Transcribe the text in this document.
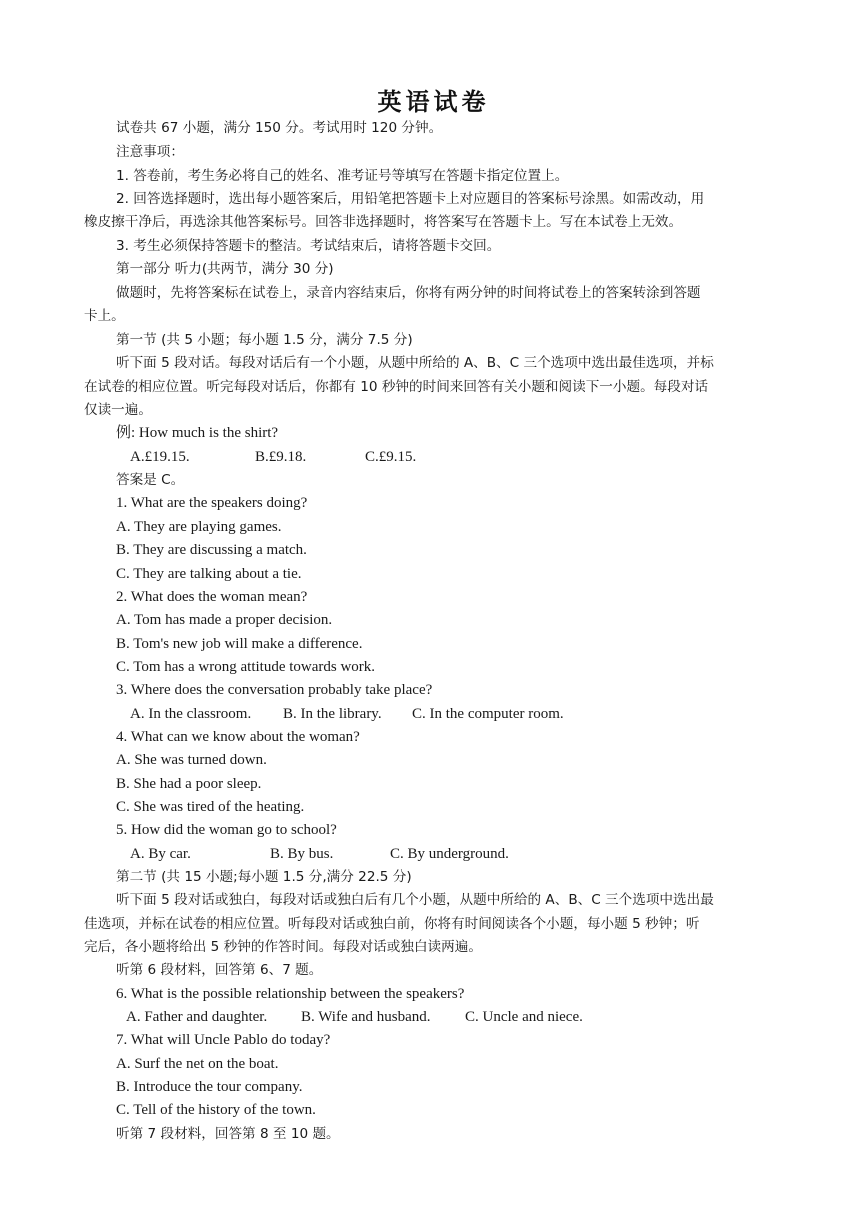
英语试卷
试卷共 67 小题，满分 150 分。考试用时 120 分钟。
注意事项：
1. 答卷前，考生务必将自己的姓名、准考证号等填写在答题卡指定位置上。
2. 回答选择题时，选出每小题答案后，用铅笔把答题卡上对应题目的答案标号涂黑。如需改动，用
橡皮擦干净后，再选涂其他答案标号。回答非选择题时，将答案写在答题卡上。写在本试卷上无效。
3. 考生必须保持答题卡的整洁。考试结束后，请将答题卡交回。
第一部分 听力(共两节，满分 30 分)
做题时，先将答案标在试卷上，录音内容结束后，你将有两分钟的时间将试卷上的答案转涂到答题
卡上。
第一节 (共 5 小题；每小题 1.5 分，满分 7.5 分)
听下面 5 段对话。每段对话后有一个小题，从题中所给的 A、B、C 三个选项中选出最佳选项，并标
在试卷的相应位置。听完每段对话后，你都有 10 秒钟的时间来回答有关小题和阅读下一小题。每段对话
仅读一遍。
例: How much is the shirt?
答案是 C。
1. What are the speakers doing?
A. They are playing games.
B. They are discussing a match.
C. They are talking about a tie.
2. What does the woman mean?
A. Tom has made a proper decision.
B. Tom's new job will make a difference.
C. Tom has a wrong attitude towards work.
3. Where does the conversation probably take place?
4. What can we know about the woman?
A. She was turned down.
B. She had a poor sleep.
C. She was tired of the heating.
5. How did the woman go to school?
第二节 (共 15 小题;每小题 1.5 分,满分 22.5 分)
听下面 5 段对话或独白，每段对话或独白后有几个小题，从题中所给的 A、B、C 三个选项中选出最
佳选项，并标在试卷的相应位置。听每段对话或独白前，你将有时间阅读各个小题，每小题 5 秒钟；听
完后，各小题将给出 5 秒钟的作答时间。每段对话或独白读两遍。
听第 6 段材料，回答第 6、7 题。
6. What is the possible relationship between the speakers?
7. What will Uncle Pablo do today?
A. Surf the net on the boat.
B. Introduce the tour company.
C. Tell of the history of the town.
听第 7 段材料，回答第 8 至 10 题。
A.£19.15.	B.£9.18.	C.£9.15.
A. In the classroom. B. In the library. C. In the computer room.
A. By car.	B. By bus.	C. By underground.
A. Father and daughter. B. Wife and husband. C. Uncle and niece.
